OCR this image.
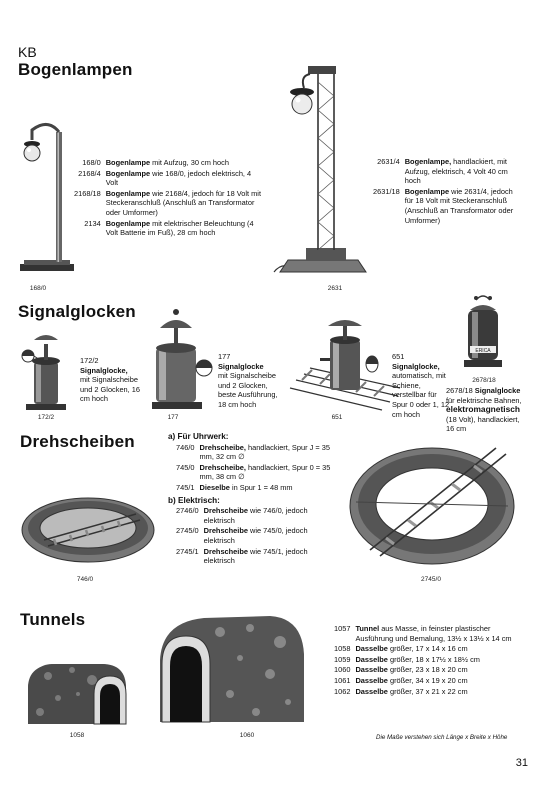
KB
Bogenlampen
168/0
168/0	Bogenlampe mit Aufzug, 30 cm hoch
2168/4	Bogenlampe wie 168/0, jedoch elektrisch, 4 Volt
2168/18	Bogenlampe wie 2168/4, jedoch für 18 Volt mit Steckeranschluß (Anschluß an Transformator oder Umformer)
2134	Bogenlampe mit elektrischer Beleuchtung (4 Volt Batterie im Fuß), 28 cm hoch
2631
2631/4	Bogenlampe, handlackiert, mit Aufzug, elektrisch, 4 Volt 40 cm hoch
2631/18	Bogenlampe wie 2631/4, jedoch für 18 Volt mit Steckeranschluß (Anschluß an Transformator oder Umformer)
Signalglocken
172/2
172/2
Signalglocke,
mit Signalscheibe und 2 Glocken, 16 cm hoch
177
177
Signalglocke
mit Signalscheibe und 2 Glocken, beste Ausführung, 18 cm hoch
651
651
Signalglocke,
automatisch, mit Schiene, verstellbar für Spur 0 oder 1, 12 cm hoch
ERICA
2678/18
2678/18 Signalglocke für elektrische Bahnen, elektromagnetisch (18 Volt), handlackiert, 16 cm
Drehscheiben
746/0
a) Für Uhrwerk:
746/0	Drehscheibe, handlackiert, Spur J = 35 mm, 32 cm ∅
745/0	Drehscheibe, handlackiert, Spur 0 = 35 mm, 38 cm ∅
745/1	Dieselbe in Spur 1 = 48 mm
b) Elektrisch:
2746/0	Drehscheibe wie 746/0, jedoch elektrisch
2745/0	Drehscheibe wie 745/0, jedoch elektrisch
2745/1	Drehscheibe wie 745/1, jedoch elektrisch
2745/0
Tunnels
1058	1060
1057	Tunnel aus Masse, in feinster plastischer Ausführung und Bemalung, 13½ x 13½ x 14 cm
1058	Dasselbe größer, 17 x 14 x 16 cm
1059	Dasselbe größer, 18 x 17½ x 18½ cm
1060	Dasselbe größer, 23 x 18 x 20 cm
1061	Dasselbe größer, 34 x 19 x 20 cm
1062	Dasselbe größer, 37 x 21 x 22 cm
Die Maße verstehen sich Länge x Breite x Höhe
31
